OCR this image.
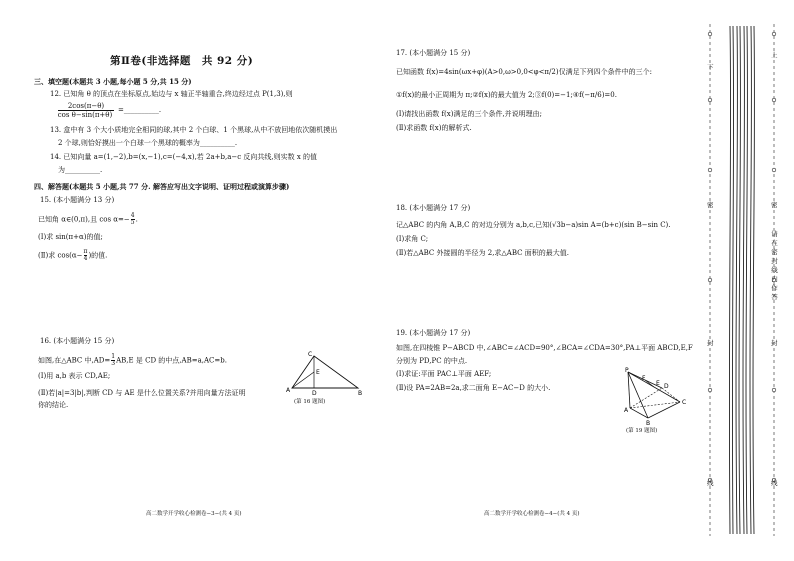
第Ⅱ卷(非选择题　共 92 分)
三、填空题(本题共 3 小题,每小题 5 分,共 15 分)
12. 已知角 θ 的顶点在坐标原点,始边与 x 轴正半轴重合,终边经过点 P(1,3),则
2cos(π−θ)
cos θ−sin(π+θ)
=__________.
13. 盒中有 3 个大小质地完全相同的球,其中 2 个白球、1 个黑球,从中不放回地依次随机摸出
2 个球,则恰好摸出一个白球一个黑球的概率为__________.
14. 已知向量 a=(1,−2),b=(x,−1),c=(−4,x),若 2a+b,a−c 反向共线,则实数 x 的值
为__________.
四、解答题(本题共 5 小题,共 77 分. 解答应写出文字说明、证明过程或演算步骤)
15. (本小题满分 13 分)
已知角 α∈(0,π),且 $\cos \alpha=- \frac{4}{5}$ .
(Ⅰ)求 sin(π+α)的值;
(Ⅱ)求 $\cos(\alpha- \frac{\pi}{4}$ )的值.
16. (本小题满分 15 分)
如图,在△ABC 中$,AD= \frac{1}{3} AB,E$ 是 CD 的中点,AB=a,AC=b.
(Ⅰ)用 a,b 表示 CD,AE;
(Ⅱ)若|a|=3|b|,判断 CD 与 AE 是什么位置关系?并用向量方法证明
你的结论.
C
E
A	D	B
(第 16 题图)
高二数学开学收心检测卷−3−(共 4 页)
17. (本小题满分 15 分)
已知函数 f(x)=4sin(ωx+φ)(A>0,ω>0,0<φ<π/2)仅满足下列四个条件中的三个:
①f(x)的最小正周期为 π;②f(x)的最大值为 2;③f(0)=−1;④f(−π/6)=0.
(Ⅰ)请找出函数 f(x)满足的三个条件,并说明理由;
(Ⅱ)求函数 f(x)的解析式.
18. (本小题满分 17 分)
记△ABC 的内角 A,B,C 的对边分别为 a,b,c,已知(√3b−a)sin A=(b+c)(sin B−sin C).
(Ⅰ)求角 C;
(Ⅱ)若△ABC 外接圆的半径为 2,求△ABC 面积的最大值.
19. (本小题满分 17 分)
如图,在四棱锥 P−ABCD 中,∠ABC=∠ACD=90°,∠BCA=∠CDA=30°,PA⊥平面 ABCD,E,F
分别为 PD,PC 的中点.
(Ⅰ)求证:平面 PAC⊥平面 AEF;
(Ⅱ)设 PA=2AB=2a,求二面角 E−AC−D 的大小.
P
F
E D
C
A
B
(第 19 题图)
高二数学开学收心检测卷−4−(共 4 页)
下
密
封
线
上
密
封
线
请在密封线内作答
